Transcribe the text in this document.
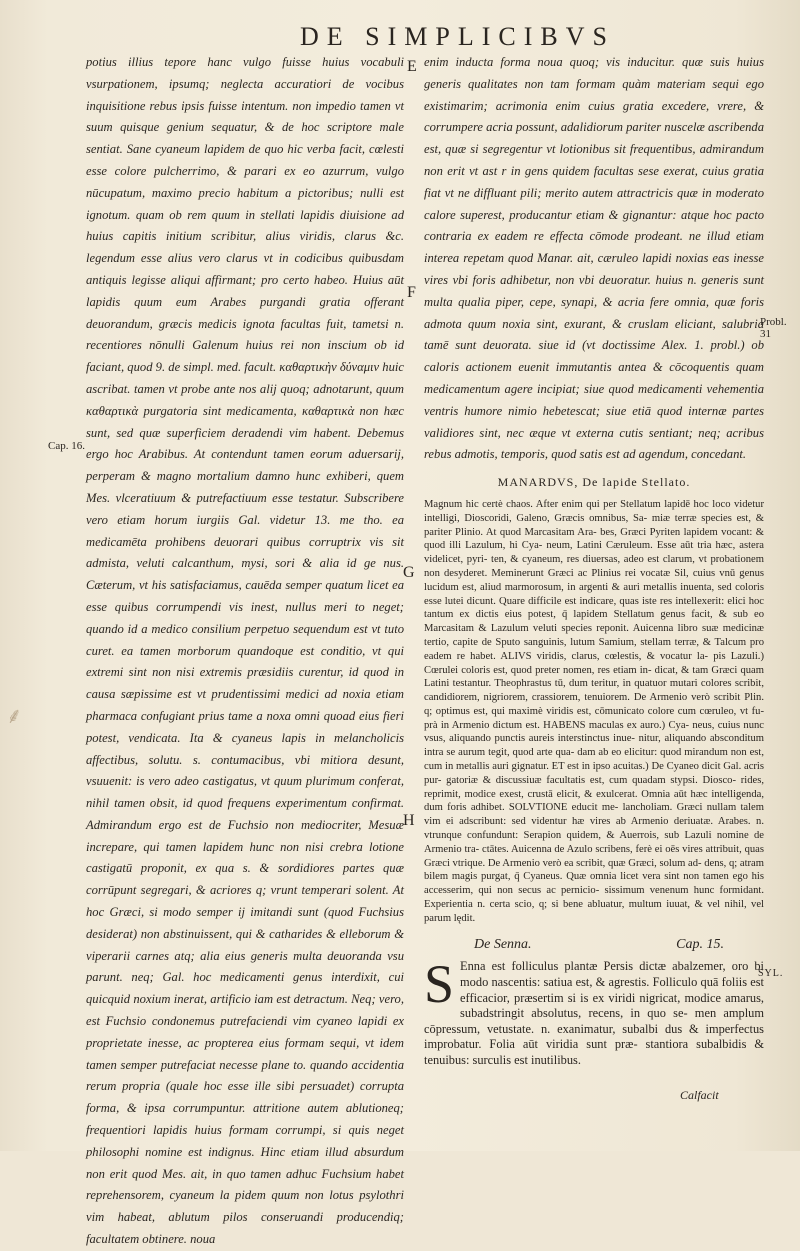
DE SIMPLICIBVS
E
F
G
H
Cap. 16.
Probl. 31
SYL.
⸙

potius illius tepore hanc vulgo fuisse huius vocabuli vsurpationem, ipsumq; neglecta accuratiori de vocibus inquisitione rebus ipsis fuisse intentum. non impedio tamen vt suum quisque genium sequatur, & de hoc scriptore male sentiat. Sane cyaneum lapidem de quo hic verba facit, cœlesti esse colore pulcherrimo, & parari ex eo azurrum, vulgo nūcupatum, maximo precio habitum a pictoribus; nulli est ignotum. quam ob rem quum in stellati lapidis diuisione ad huius capitis initium scribitur, alius viridis, clarus &c. legendum esse alius vero clarus vt in codicibus quibusdam antiquis legisse aliqui affirmant; pro certo habeo. Huius aūt lapidis quum eum Arabes purgandi gratia offerant deuorandum, græcis medicis ignota facultas fuit, tametsi n. recentiores nōnulli Galenum huius rei non inscium ob id faciant, quod 9. de simpl. med. facult. καθαρτικὴν δύναμιν huic ascribat. tamen vt probe ante nos alij quoq; adnotarunt, quum καθαρτικὰ purgatoria sint medicamenta, καθαρτικὰ non hæc sunt, sed quæ superficiem deradendi vim habent. Debemus ergo hoc Arabibus. At contendunt tamen eorum aduersarij, perperam & magno mortalium damno hunc exhiberi, quem Mes. vlceratiuum & putrefactiuum esse testatur. Subscribere vero etiam horum iurgiis Gal. videtur 13. me tho. ea medicamēta prohibens deuorari quibus corruptrix vis sit admista, veluti calcanthum, mysi, sori & alia id ge nus. Cæterum, vt his satisfaciamus, cauēda semper quatum licet ea esse quibus corrumpendi vis inest, nullus meri to neget; quando id a medico consilium perpetuo sequendum est vt tuto curet. ea tamen morborum quandoque est conditio, vt qui extremi sint non nisi extremis præsidiis curentur, id quod in causa sæpissime est vt prudentissimi medici ad noxia etiam pharmaca confugiant prius tame a noxa omni quoad eius fieri potest, vendicata. Ita & cyaneus lapis in melancholicis affectibus, solutu. s. contumacibus, vbi mitiora desunt, vsuuenit: is vero adeo castigatus, vt quum plurimum conferat, nihil tamen obsit, id quod frequens experimentum confirmat. Admirandum ergo est de Fuchsio non mediocriter, Mesuæ increpare, qui tamen lapidem hunc non nisi crebra lotione castigatū proponit, ex qua s. & sordidiores partes quæ corrūpunt segregari, & acriores q; vrunt temperari solent. At hoc Græci, si modo semper ij imitandi sunt (quod Fuchsius desiderat) non abstinuissent, qui & catharides & elleborum & viperarii carnes atq; alia eius generis multa deuoranda vsu parunt. neq; Gal. hoc medicamenti genus interdixit, cui quicquid noxium inerat, artificio iam est detractum. Neq; vero, est Fuchsio condonemus putrefaciendi vim cyaneo lapidi ex proprietate inesse, ac propterea eius formam sequi, vt idem tamen semper putrefaciat necesse plane to. quando accidentia rerum propria (quale hoc esse ille sibi persuadet) corrupta forma, & ipsa corrumpuntur. attritione autem ablutioneq; frequentiori lapidis huius formam corrumpi, si quis neget philosophi nomine est indignus. Hinc etiam illud absurdum non erit quod Mes. ait, in quo tamen adhuc Fuchsium habet reprehensorem, cyaneum la pidem quum non lotus psylothri vim habeat, ablutum pilos conseruandi producendiq; facultatem obtinere. noua

enim inducta forma noua quoq; vis inducitur. quæ suis huius generis qualitates non tam formam quàm materiam sequi ego existimarim; acrimonia enim cuius gratia excedere, vrere, & corrumpere acria possunt, adalidiorum pariter nuscelæ ascribenda est, quæ si segregentur vt lotionibus sit frequentibus, admirandum non erit vt ast r in gens quidem facultas sese exerat, cuius gratia fiat vt ne diffluant pili; merito autem attractricis quæ in moderato calore superest, producantur etiam & gignantur: atque hoc pacto contraria ex eadem re effecta cōmode prodeant. ne illud etiam interea repetam quod Manar. ait, cæruleo lapidi noxias eas inesse vires vbi foris adhibetur, non vbi deuoratur. huius n. generis sunt multa qualia piper, cepe, synapi, & acria fere omnia, quæ foris admota quum noxia sint, exurant, & cruslam eliciant, salubria tamē sunt deuorata. siue id (vt doctissime Alex. 1. probl.) ob caloris actionem euenit immutantis antea & cōcoquentis quam medicamentum agere incipiat; siue quod medicamenti vehementia ventris humore nimio hebetescat; siue etiā quod internæ partes validiores sint, nec æque vt externa cutis sentiant; neq; acribus rebus admotis, temporis, quod satis est ad agendum, concedant.

MANARDVS, De lapide Stellato.

Magnum hic certè chaos. After enim qui per Stellatum lapidē hoc loco videtur intelligi, Dioscoridi, Galeno, Græcis omnibus, Sa- miæ terræ species est, & pariter Plinio. At quod Marcasitam Ara- bes, Græci Pyriten lapidem vocant: & quod illi Lazulum, hi Cya- neum, Latini Cæruleum. Esse aūt tria hæc, astera videlicet, pyri- ten, & cyaneum, res diuersas, adeo est clarum, vt probationem non desyderet. Meminerunt Græci ac Plinius rei vocatæ Sil, cuius vnū genus lucidum est, aliud marmorosum, in argenti & auri metallis inuenta, sed coloris esse lutei dicunt. Quare difficile est indicare, quas iste res intellexerit: elici hoc tantum ex dictis eius potest, q̄ lapidem Stellatum genus facit, & sub eo Marcasitam & Lazulum veluti species reponit. Auicenna libro suæ medicinæ tertio, capite de Sputo sanguinis, lutum Samium, stellam terræ, & Talcum pro eadem re habet. ALIVS viridis, clarus, cœlestis, & vocatur la- pis Lazuli.) Cœrulei coloris est, quod preter nomen, res etiam in- dicat, & tam Græci quam Latini testantur. Theophrastus tū, dum teritur, in quatuor mutari colores scribit, candidiorem, nigriorem, crassiorem, tenuiorem. De Armenio verò scribit Plin. q; optimus est, qui maximè viridis est, cōmunicato colore cum cœruleo, vt fu- prà in Armenio dictum est. HABENS maculas ex auro.) Cya- neus, cuius nunc vsus, aliquando punctis aureis interstinctus inue- nitur, aliquando absconditum intra se aurum tegit, quod arte qua- dam ab eo elicitur: quod mirandum non est, cum in metallis auri gignatur. ET est in ipso acuitas.) De Cyaneo dicit Gal. acris pur- gatoriæ & discussiuæ facultatis est, cum quadam stypsi. Diosco- rides, reprimit, modice exest, crustā elicit, & exulcerat. Omnia aūt hæc intelligenda, dum foris adhibet. SOLVTIONE educit me- lancholiam. Græci nullam talem vim ei adscribunt: sed videntur hæ vires ab Armenio deriuatæ. Arabes. n. vtrunque confundunt: Serapion quidem, & Auerrois, sub Lazuli nomine de Armenio tra- ctātes. Auicenna de Azulo scribens, ferè ei oēs vires attribuit, quas Græci vtrique. De Armenio verò ea scribit, quæ Græci, solum ad- dens, q; atram bilem magis purgat, q̄ Cyaneus. Quæ omnia licet vera sint non tamen ego his accesserim, qui non secus ac pernicio- sissimum venenum hunc formidant. Experientia n. certa scio, q; si bene abluatur, multum iuuat, & vel nihil, vel parum lędit.

De Senna.	Cap. 15.

S Enna est folliculus plantæ Persis dictæ abalzemer, oro bi modo nascentis: satiua est, & agrestis. Folliculo quā foliis est efficacior, præsertim si is ex viridi nigricat, modice amarus, subadstringit absolutus, recens, in quo se- men amplum cōpressum, vetustate. n. exanimatur, subalbi dus & imperfectus improbatur. Folia aūt viridia sunt præ- stantiora subalbidis & tenuibus: surculis est inutilibus.

Calfacit
